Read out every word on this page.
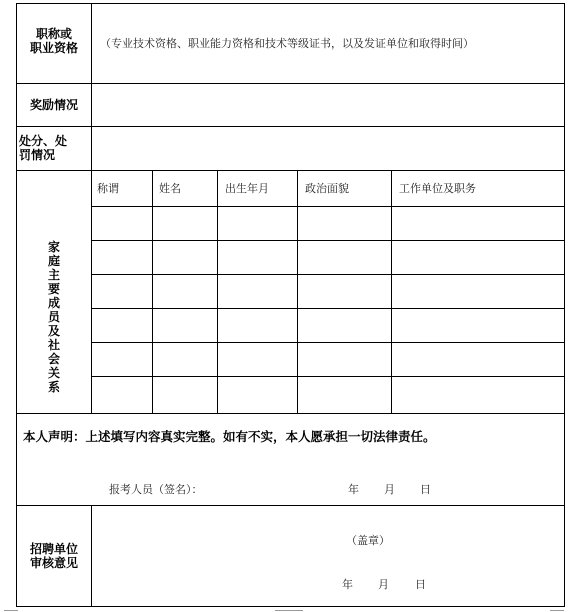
职称或
职业资格	（专业技术资格、职业能力资格和技术等级证书，以及发证单位和取得时间）
奖励情况
处分、处
罚情况
家
庭
主
要
成
员
及
社
会
关
系
称谓	姓名	出生年月	政治面貌	工作单位及职务
本人声明：上述填写内容真实完整。如有不实，本人愿承担一切法律责任。
报考人员（签名）：	年 月 日
招聘单位
审核意见
（盖章）
年 月 日
